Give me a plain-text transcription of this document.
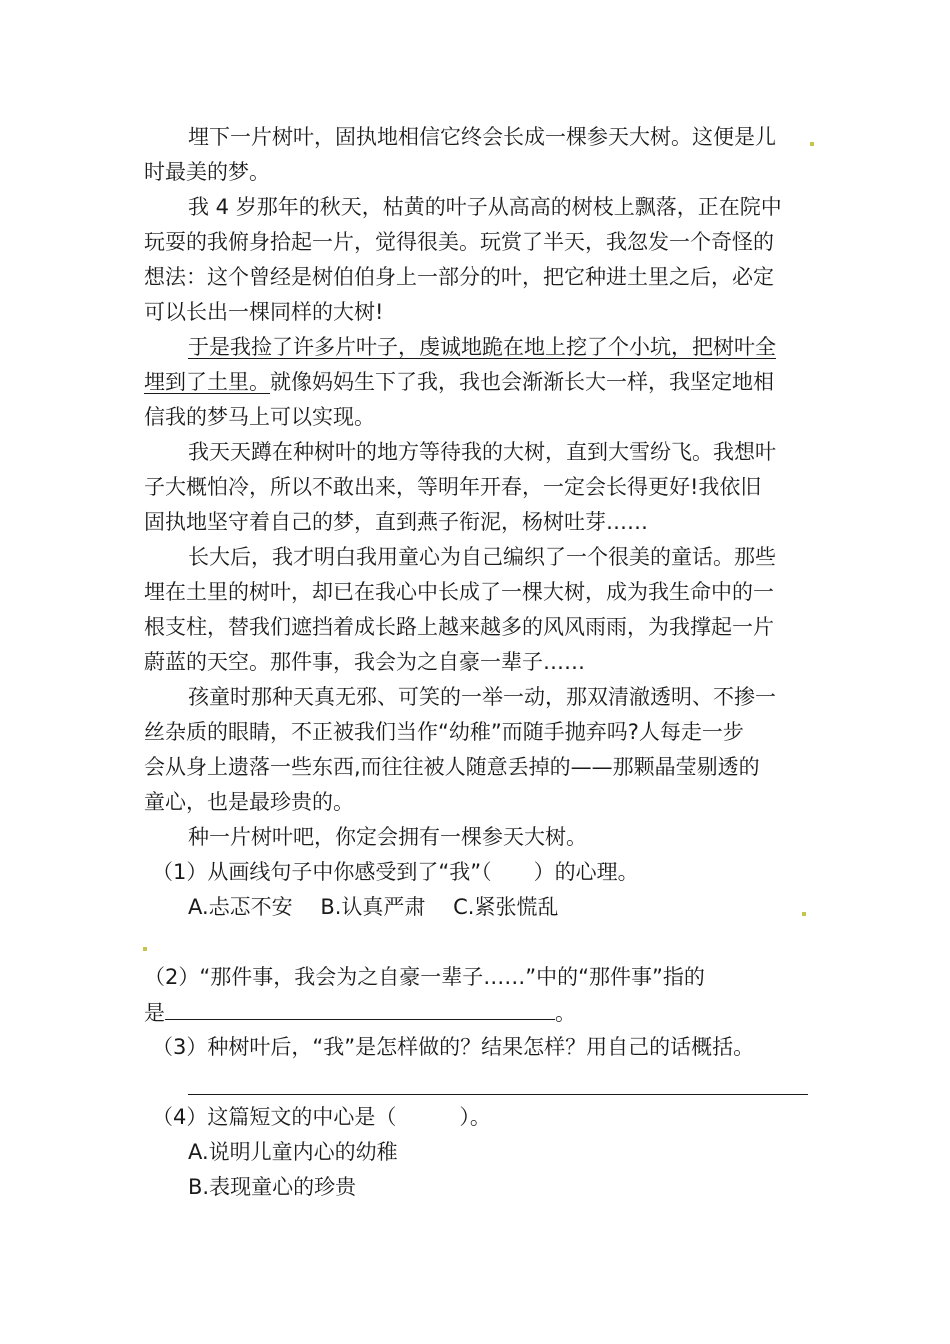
埋下一片树叶，固执地相信它终会长成一棵参天大树。这便是儿
时最美的梦。
我 4 岁那年的秋天，枯黄的叶子从高高的树枝上飘落，正在院中
玩耍的我俯身拾起一片，觉得很美。玩赏了半天，我忽发一个奇怪的
想法：这个曾经是树伯伯身上一部分的叶，把它种进土里之后，必定
可以长出一棵同样的大树!
于是我捡了许多片叶子，虔诚地跪在地上挖了个小坑，把树叶全
埋到了土里。就像妈妈生下了我，我也会渐渐长大一样，我坚定地相
信我的梦马上可以实现。
我天天蹲在种树叶的地方等待我的大树，直到大雪纷飞。我想叶
子大概怕冷，所以不敢出来，等明年开春，一定会长得更好!我依旧
固执地坚守着自己的梦，直到燕子衔泥，杨树吐芽……
长大后，我才明白我用童心为自己编织了一个很美的童话。那些
埋在土里的树叶，却已在我心中长成了一棵大树，成为我生命中的一
根支柱，替我们遮挡着成长路上越来越多的风风雨雨，为我撑起一片
蔚蓝的天空。那件事，我会为之自豪一辈子……
孩童时那种天真无邪、可笑的一举一动，那双清澈透明、不掺一
丝杂质的眼睛，不正被我们当作“幼稚”而随手抛弃吗?人每走一步
会从身上遗落一些东西,而往往被人随意丢掉的——那颗晶莹剔透的
童心，也是最珍贵的。
种一片树叶吧，你定会拥有一棵参天大树。
（1）从画线句子中你感受到了“我”（　　）的心理。
A.忐忑不安　 B.认真严肃　 C.紧张慌乱
（2）“那件事，我会为之自豪一辈子……”中的“那件事”指的
是	。
（3）种树叶后，“我”是怎样做的？结果怎样？用自己的话概括。
（4）这篇短文的中心是（　　　）。
A.说明儿童内心的幼稚
B.表现童心的珍贵
